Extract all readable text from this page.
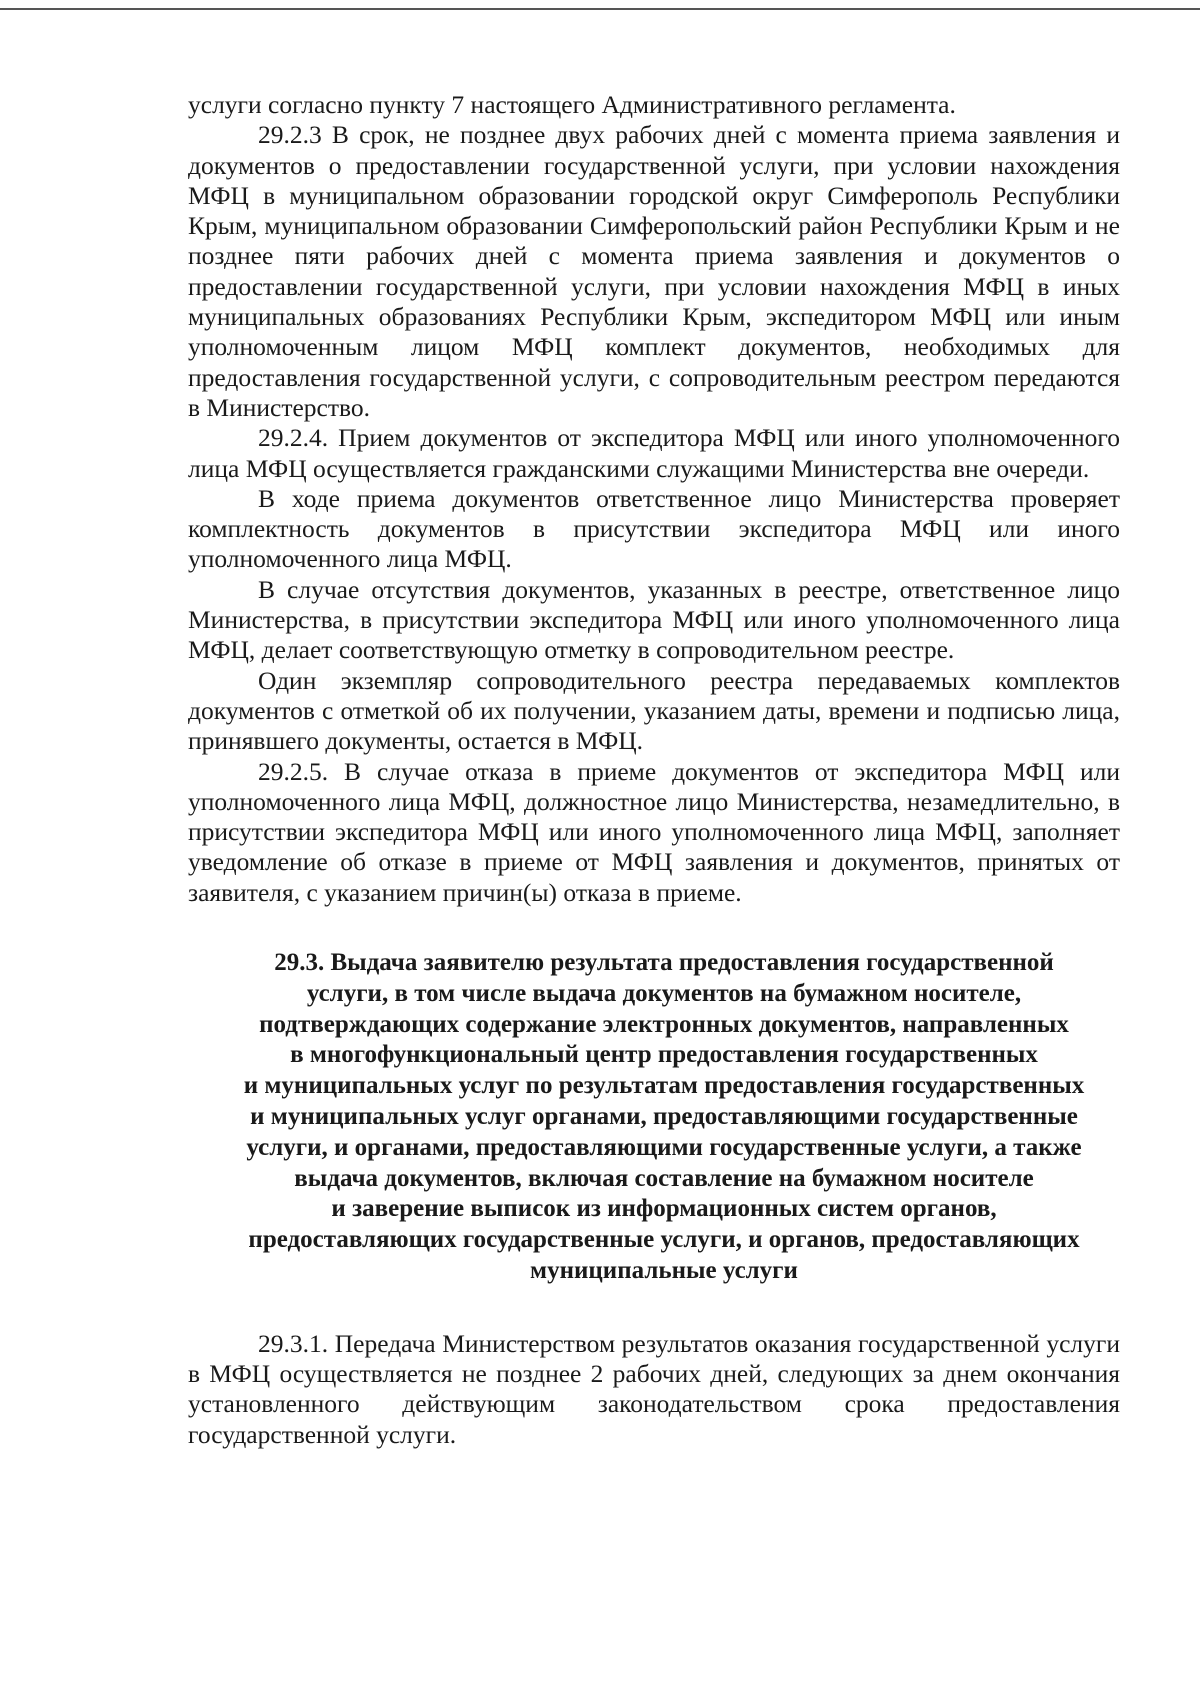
услуги согласно пункту 7 настоящего Административного регламента.

29.2.3 В срок, не позднее двух рабочих дней с момента приема заявления и документов о предоставлении государственной услуги, при условии нахождения МФЦ в муниципальном образовании городской округ Симферополь Республики Крым, муниципальном образовании Симферопольский район Республики Крым и не позднее пяти рабочих дней с момента приема заявления и документов о предоставлении государственной услуги, при условии нахождения МФЦ в иных муниципальных образованиях Республики Крым, экспедитором МФЦ или иным уполномоченным лицом МФЦ комплект документов, необходимых для предоставления государственной услуги, с сопроводительным реестром передаются в Министерство.

29.2.4. Прием документов от экспедитора МФЦ или иного уполномоченного лица МФЦ осуществляется гражданскими служащими Министерства вне очереди.

В ходе приема документов ответственное лицо Министерства проверяет комплектность документов в присутствии экспедитора МФЦ или иного уполномоченного лица МФЦ.

В случае отсутствия документов, указанных в реестре, ответственное лицо Министерства, в присутствии экспедитора МФЦ или иного уполномоченного лица МФЦ, делает соответствующую отметку в сопроводительном реестре.

Один экземпляр сопроводительного реестра передаваемых комплектов документов с отметкой об их получении, указанием даты, времени и подписью лица, принявшего документы, остается в МФЦ.

29.2.5. В случае отказа в приеме документов от экспедитора МФЦ или уполномоченного лица МФЦ, должностное лицо Министерства, незамедлительно, в присутствии экспедитора МФЦ или иного уполномоченного лица МФЦ, заполняет уведомление об отказе в приеме от МФЦ заявления и документов, принятых от заявителя, с указанием причин(ы) отказа в приеме.

29.3. Выдача заявителю результата предоставления государственной
услуги, в том числе выдача документов на бумажном носителе,
подтверждающих содержание электронных документов, направленных
в многофункциональный центр предоставления государственных
и муниципальных услуг по результатам предоставления государственных
и муниципальных услуг органами, предоставляющими государственные
услуги, и органами, предоставляющими государственные услуги, а также
выдача документов, включая составление на бумажном носителе
и заверение выписок из информационных систем органов,
предоставляющих государственные услуги, и органов, предоставляющих
муниципальные услуги

29.3.1. Передача Министерством результатов оказания государственной услуги в МФЦ осуществляется не позднее 2 рабочих дней, следующих за днем окончания установленного действующим законодательством срока предоставления государственной услуги.
